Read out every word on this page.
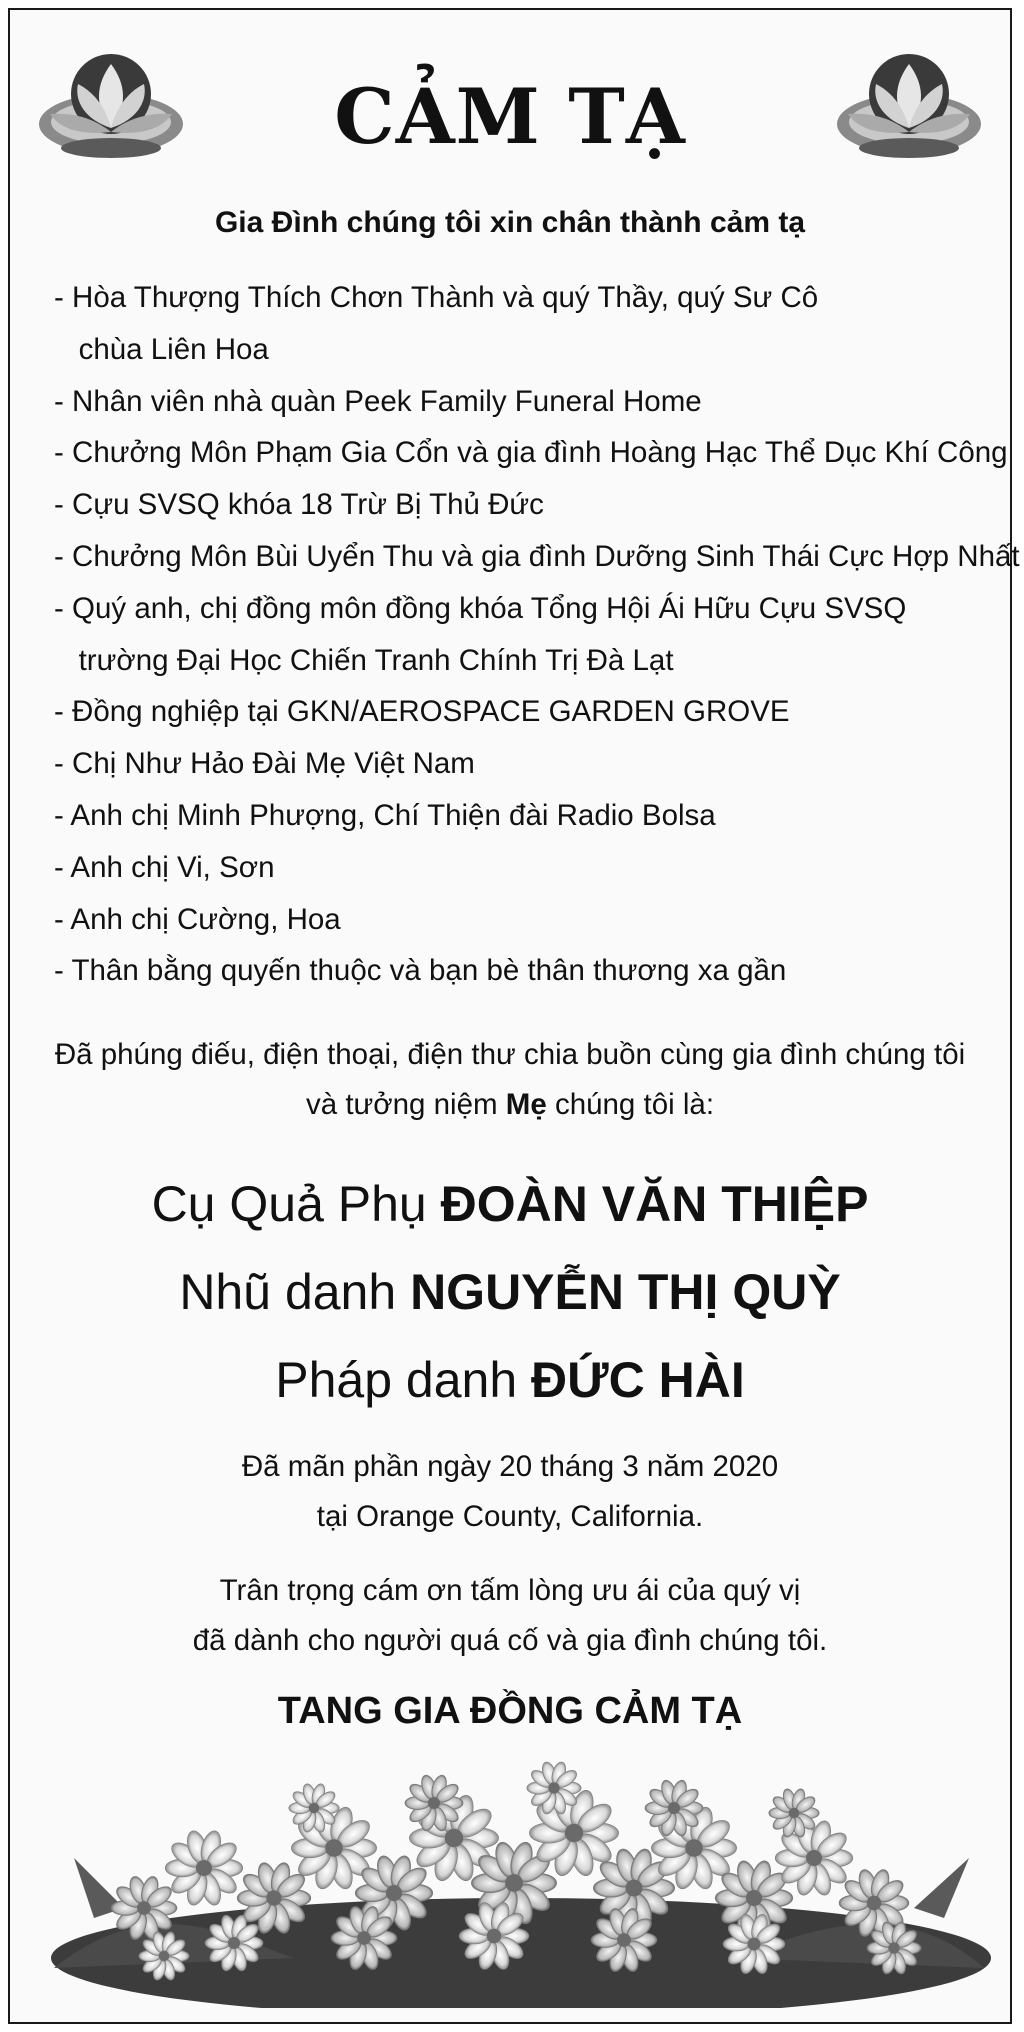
CẢM TẠ
Gia Đình chúng tôi xin chân thành cảm tạ
- Hòa Thượng Thích Chơn Thành và quý Thầy, quý Sư Cô
chùa Liên Hoa
- Nhân viên nhà quàn Peek Family Funeral Home
- Chưởng Môn Phạm Gia Cổn và gia đình Hoàng Hạc Thể Dục Khí Công
- Cựu SVSQ khóa 18 Trừ Bị Thủ Đức
- Chưởng Môn Bùi Uyển Thu và gia đình Dưỡng Sinh Thái Cực Hợp Nhất
- Quý anh, chị đồng môn đồng khóa Tổng Hội Ái Hữu Cựu SVSQ
trường Đại Học Chiến Tranh Chính Trị Đà Lạt
- Đồng nghiệp tại GKN/AEROSPACE GARDEN GROVE
- Chị Như Hảo Đài Mẹ Việt Nam
- Anh chị Minh Phượng, Chí Thiện đài Radio Bolsa
- Anh chị Vi, Sơn
- Anh chị Cường, Hoa
- Thân bằng quyến thuộc và bạn bè thân thương xa gần
Đã phúng điếu, điện thoại, điện thư chia buồn cùng gia đình chúng tôi
và tưởng niệm Mẹ chúng tôi là:
Cụ Quả Phụ ĐOÀN VĂN THIỆP
Nhũ danh NGUYỄN THỊ QUỲ
Pháp danh ĐỨC HÀI
Đã mãn phần ngày 20 tháng 3 năm 2020
tại Orange County, California.
Trân trọng cám ơn tấm lòng ưu ái của quý vị
đã dành cho người quá cố và gia đình chúng tôi.
TANG GIA ĐỒNG CẢM TẠ
